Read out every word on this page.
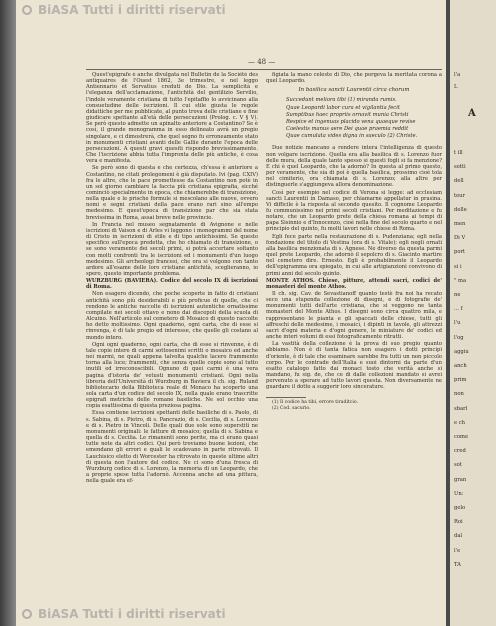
BiASA Tutti i diritti riservati
— 48 —

Quest'epigrafe è anche divulgata nel Bulletin de la Société des antiquaires de l'Ouest 1862, 3e trimestre, e nel leggo Antiennario et Servatius creduti de Dio. La semplicità e l'eleganza dell'acclamazione, l'antichità del gentilizio Servilio, l'indole veramente cristiana di tutto l'epitaffio lo avvicinano alla consuetudine delle iscrizioni. Il cui stile giusta le regole didattiche per me pubblicate, al punto trova delle cristiane e fine giudicare spettante all'età delle persecuzioni (Prolog. c. V § V). Se però questo admette un apinalto anteriore a Costantino? Se è così, il grande monogramma in esso delineato avrà un pregio singolare, e ci dimostrerà, che quel segno fu erroneamente stato in monumenti cristiani avanti delle Gallie durante l'epoca delle persecuzioni. A questi gravi quesiti rispondo brevissimamente. Che l'iscrizione abbia tutta l'impronta delle più antiche, è cosa vera e manifesta.

Se però sono di questa e che certezza, ch'essa è anteriore a Costantino, ne citati prolegomeni è già disputato. Ivi (pag. CXIV) fra le altre, che le pace promettesse da Costantino non potè in un sol giorno cambiare la faccia più cristiana epigrafia, sicché cominciò specialmente in epoca, che chiamerebbe di transizione, nella quale e le prische formule si mescolano alle nuove, ovvero nomi e segni cristiani della pace erano rari sino all'empo medesimo. E quest'epoca di transizione par che sia stata brevissima in Roma, assai breve nelle provincie.

In Francia nel museo segnatamente di Avignone e nelle iscrizioni di Vaison e di Arles vi leggono i monogrammi del nome di Cristo in iscrizioni di stile e di tipo antichissimi. Se questo specifico sull'epoca predetta, che ho chiamato di transizione, o se sono veramente dei secoli primi, si potrà accertare soltanto con molti confronti tra le iscrizioni ed i monumenti d'un luogo medesimo. Gli archeologi francesi, che ora si volgono con tanto ardore all'esame delle loro cristiane antichità, sceglieranno, io spero, questo importante problema.

WURZBURG (BAVIERA). Codice del secolo IX di iscrizioni di Roma.

Non esagero dicendo, che poche scoperte in fatto di cristiani antichità sono più desiderabili e più proficue di quelle, che ci rendono le antiche raccolte di iscrizioni autentiche ornatissime compilate nei secoli ottavo e nono dai discepoli della scuola di Alcuino. Nell'articolo sul cemetero di Mosaico di questo raccolte ho detto moltissimo. Ogni quaderno, ogni carta, che di esse si rinvenga, è di tale pregio ed interesse, che quelle gli costano al mondo intero.

Ogni ogni quaderno, ogni carta, che di esse si rinvenne, è di tale copie intere di carmi sottosenimi scritti o mosaico ed anche nei marmi, ne quali appena talvolta qualche lacero frammento torna alla luce; frammenti, che senza quelle copie sono al tutto inutili ed irreconoscibili. Ognuno di quei carmi è una vera pagina d'istoria de' vetusti monumenti cristiani. Ogni nella libreria dell'Università di Wurzburg in Baviera il ch. sig. Ruland bibliotecario della Biblioteca reale di Monaco ha scoperto una sola carta d'un codice del secolo IX, nella quale erano trascritte epigrafi metriche delle romane basiliche. Ne sol occhio una copia esattissima di questa preziosa pagina.

Essa contiene iscrizioni spettanti delle basiliche di s. Paolo, di s. Sabina, di s. Pietro, di s. Pancrazio, di s. Cecilia, di s. Lorenzo e di s. Pietro in Vincoli. Delle quali due sole sono superstiti ne monumenti originali: le fatture di mosaico; quella di s. Sabina e quella di s. Cecilia. Le rimanenti sono perite, ma ci erano quasi tutte note da altri codici. Qui però troviamo buone lezioni, che emendano gli errori e quali le scadevano in parte ritrovati. Il Lauchisico eletto di Worcester ha ritrovato in queste ultime altri di questa non l'autore del codice. Ne ci sono d'una fresca di Wurzburg codice di s. Lorenzo, la memoria di un Leopardo, che a proprie spese tutta l'adornò. Accenna anche ad una pittura, nella quale era ef-

figiata la mano celeste di Dio, che porgeva la meritata corona a quel Leopardo.

In basilica sancti Laurentii circa chorum

Succedunt meliora tibi (1) miranda rumis.

Quae Leopardi labor cura et vigilantia fecit

Sumptibus haec propriis ornavit munia Christi

Respice et ingenuas placido vena quaeque revise

Caelestis manus aere Dei quae praemia reddit

Quae cumulata vides digna in saeculo (2) Christe.

Due notizie mancano a rendere intera l'intelligenza di questo non volgare iscrizione. Quella era alla basilica di s. Lorenzo fuor delle mura, della quale tanto spesso si questi fogli si fa menzione? E chi è quel Leopardo, che la adornò? In questa al primo questo, per veramente, che sia di poi è quella basilica, prossimo cioè tola nel cimiterio, ora chiamata di s. Lorenzo; alla altre per distinguerle s'aggiungeva allora denominazione.

Così per esempio nel codice di Verona si legge: ad ecclesiam sancti Laurentii in Damaso, per chiamarne appellatur in prasina. Vi difficile è la risposta al secondo quesito. Il cognome Leopardo fu communissimo nei primi secoli cristiani. Per meditazione e fu notare, che un Leopardo prete della chiesa romana ai tempi di papa Sisinnio e d'Innocenzo, cioè nella fine del secolo quarto e nel principio del quinto, fu molti lavori nelle chiese di Roma.

Egli fece parte nella restaurazione di s. Pudenziana; egli nella fondazione del titolo di Vestina (ora di s. Vitale); egli negli ornati alla basilica menzionata di s. Agnese. Ne diverso da questa parmi quel prete Leopardo, che adornò il sepolcro di s. Giacinto martire nel cemetero dire. Ernesto. Egli è probabilmente il Leopardo dell'epigramma ora spiegato, in cui alle artigianzioni convivono di primi anni del secolo quinto.

MONTE ATHOS. Chiese, pitture, attendi sacri, codici de' monasteri del monte Athos.

Il ch. sig. Cav. de Sevastianoff quanto testè fra noi ha recato seco una stupenda collezione di disegni, e di fotografie de' monumenti tutti dell'arte cristiana, che si veggono ne tanta monasteri del Monte Athos. I disegni sono circa quattro mila, e rappresentano le pianta e gli spaccati delle chiese, tutti gli affreschi delle medesime, i mosaici, i dipinti in tavole, gli attrezzi sacri d'ogni materia e d'ogni genere, le miniature de' codici ed anche interi volumi di essi fotograficamente ritratti.

La vastità della collezione è la prova di suo pregio quanto abbiamo. Non è di tanta fatica non esagero i dotti principi d'oriente, è di tale che esaminare sarebbe fra tutti un non piccolo corpo. Per le contrade dell'Italia e suoi dintorni da parte d'un esatto catalogo fatto dai monaci tosto che verità anche si mandano, fu sig. de, che ce di dalle collezioni mandato si avrei pervenuto a sperare ad tutto lavori questa. Non diversamente ne guardare il dotto a suggerir loro sincerature.

(1) Il codice ha tibi, errore tiraditcio.

(2) Cod. sacurio.

l'a
L
A
t ill
sotti
dell
teur
delle
men
Di V
port
si i
" ma
ne
... f
l'u
l'og
aggiu
anch
prim
non
sbarl
e ch
come
cred
sot
gran
Un:
gelo
Roi
dal
l'e
TA
BiASA Tutti i diritti riservati
